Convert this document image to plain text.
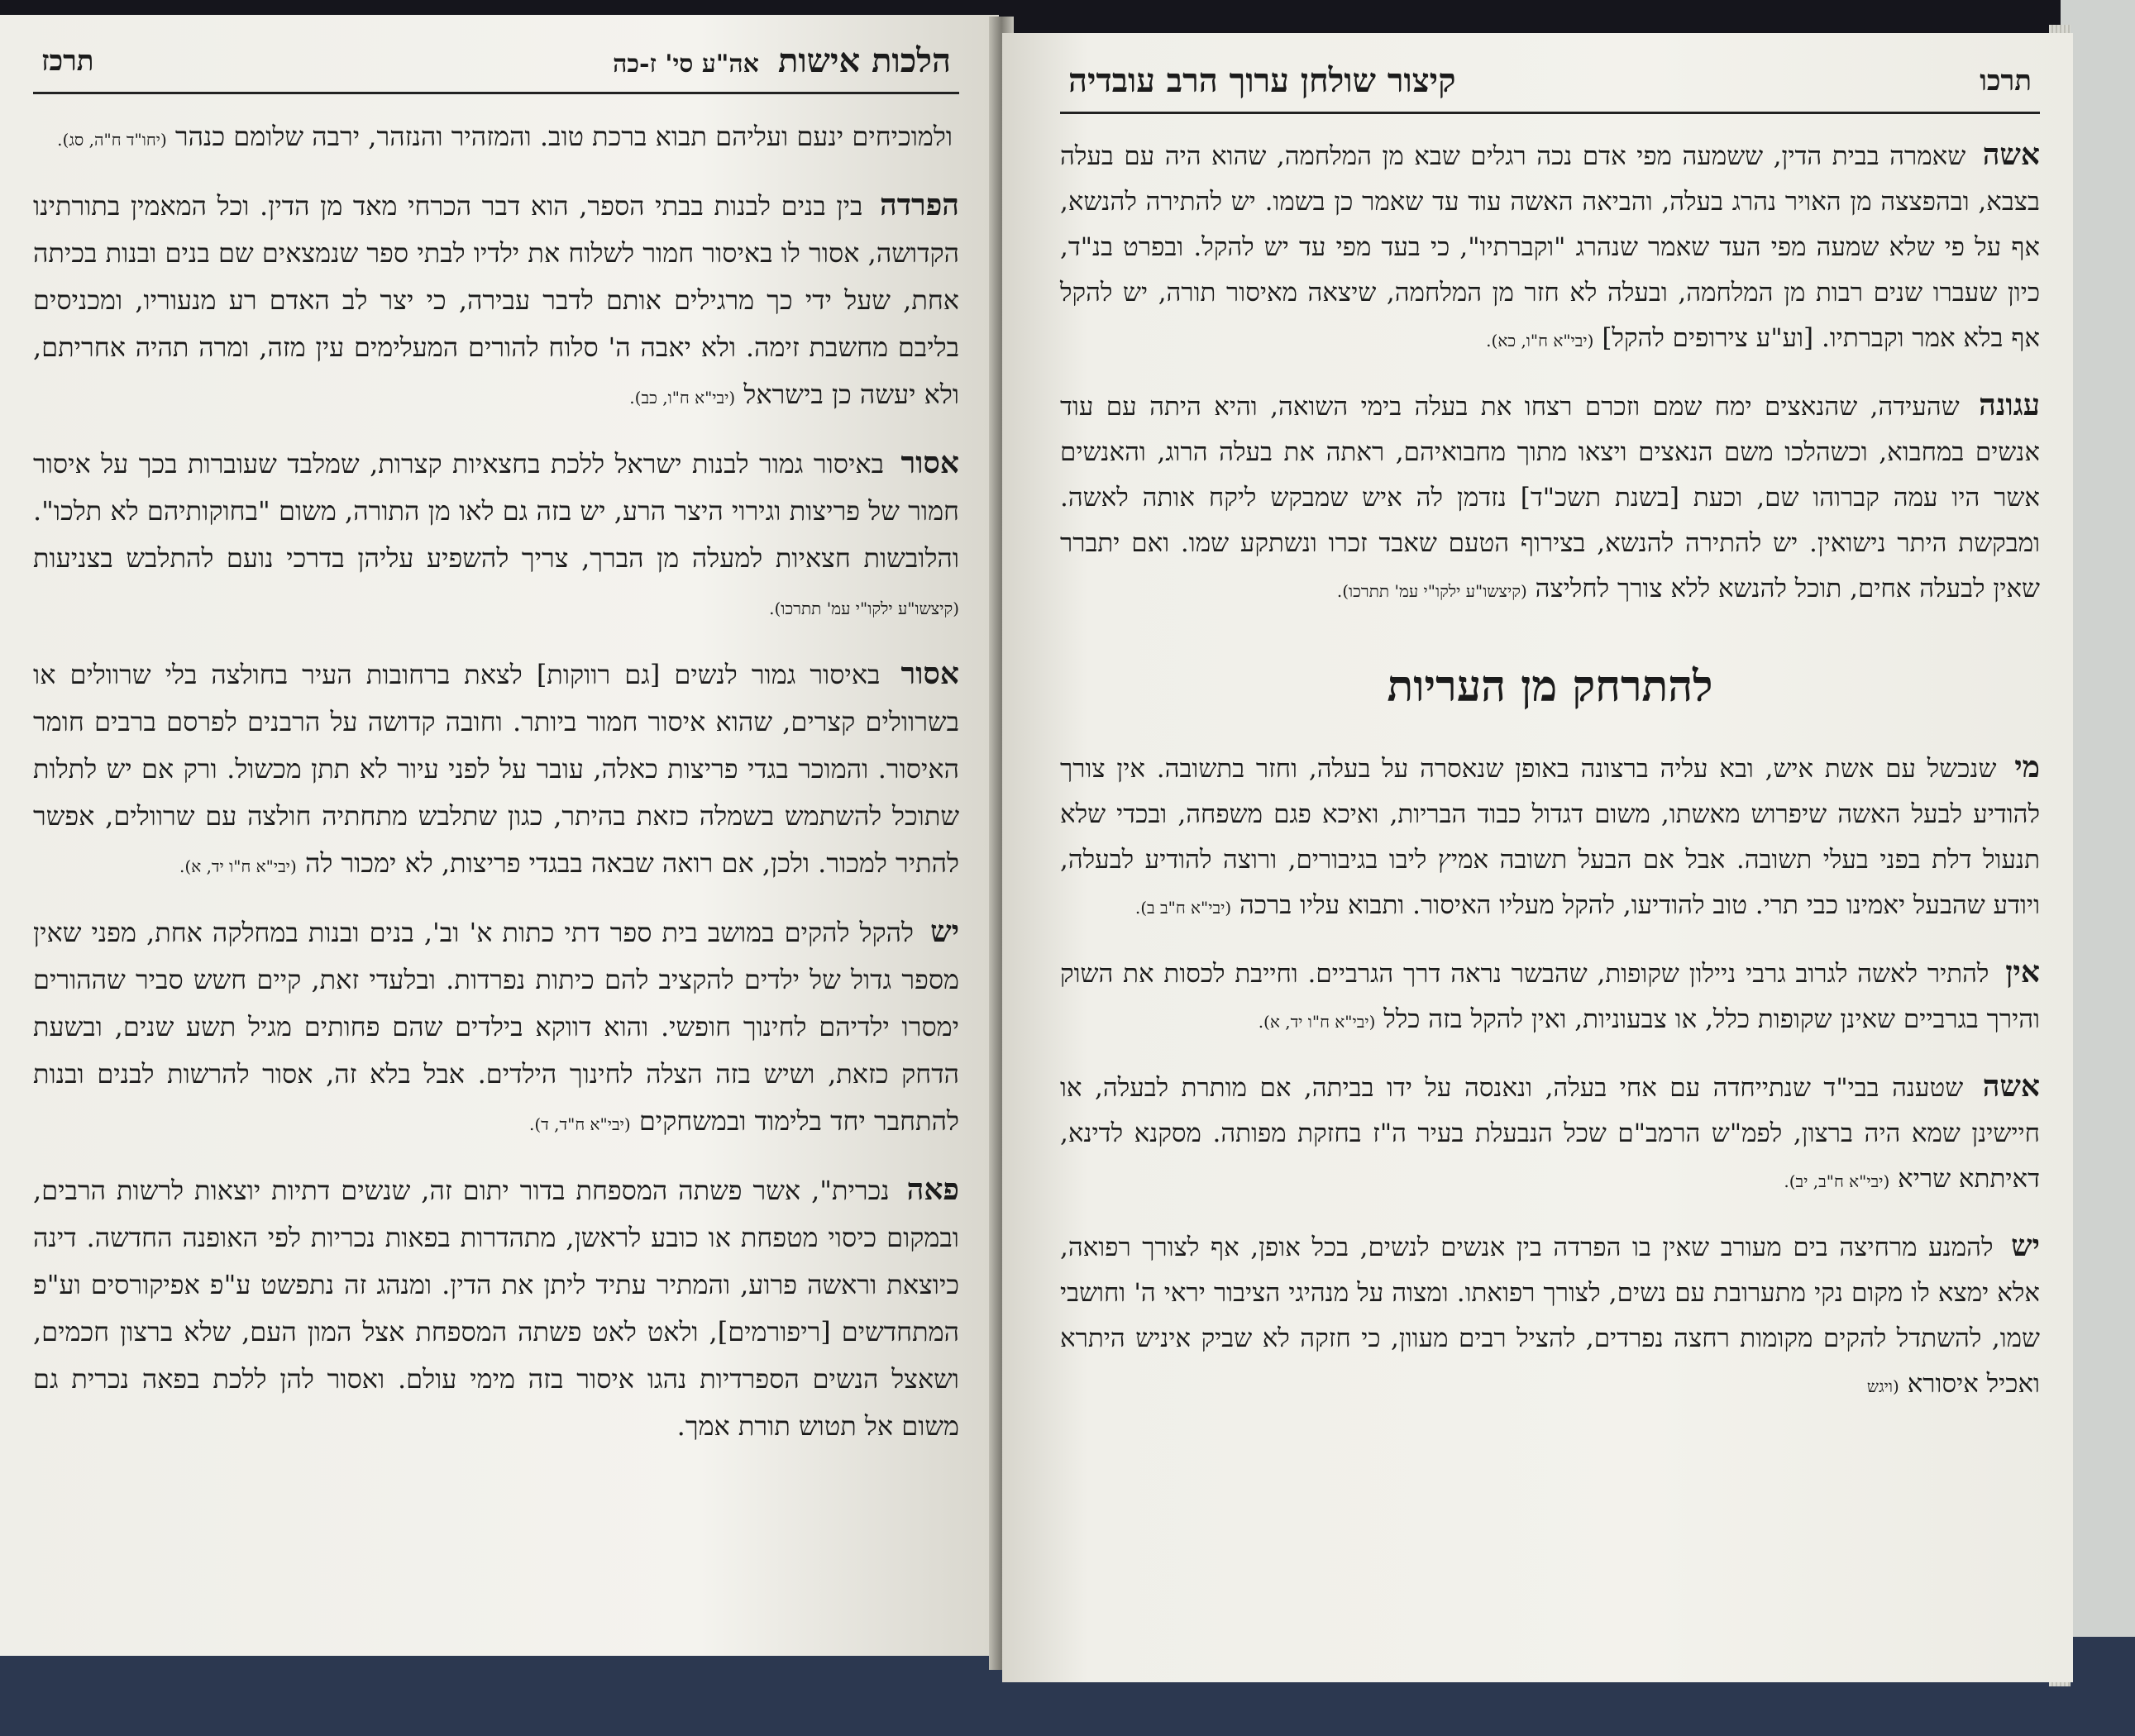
הלכות אישות אה"ע סי' ז-כה
תרכז

ולמוכיחים ינעם ועליהם תבוא ברכת טוב. והמזהיר והנזהר, ירבה שלומם כנהר (יחו"ד ח"ה, סג).

הפרדה בין בנים לבנות בבתי הספר, הוא דבר הכרחי מאד מן הדין. וכל המאמין בתורתינו הקדושה, אסור לו באיסור חמור לשלוח את ילדיו לבתי ספר שנמצאים שם בנים ובנות בכיתה אחת, שעל ידי כך מרגילים אותם לדבר עבירה, כי יצר לב האדם רע מנעוריו, ומכניסים בליבם מחשבת זימה. ולא יאבה ה' סלוח להורים המעלימים עין מזה, ומרה תהיה אחריתם, ולא יעשה כן בישראל (יבי"א ח"ו, כב).

אסור באיסור גמור לבנות ישראל ללכת בחצאיות קצרות, שמלבד שעוברות בכך על איסור חמור של פריצות וגירוי היצר הרע, יש בזה גם לאו מן התורה, משום "בחוקותיהם לא תלכו". והלובשות חצאיות למעלה מן הברך, צריך להשפיע עליהן בדרכי נועם להתלבש בצניעות (קיצשו"ע ילקו"י עמ' תתרכו).

אסור באיסור גמור לנשים [גם רווקות] לצאת ברחובות העיר בחולצה בלי שרוולים או בשרוולים קצרים, שהוא איסור חמור ביותר. וחובה קדושה על הרבנים לפרסם ברבים חומר האיסור. והמוכר בגדי פריצות כאלה, עובר על לפני עיור לא תתן מכשול. ורק אם יש לתלות שתוכל להשתמש בשמלה כזאת בהיתר, כגון שתלבש מתחתיה חולצה עם שרוולים, אפשר להתיר למכור. ולכן, אם רואה שבאה בבגדי פריצות, לא ימכור לה (יבי"א ח"ו יד, א).

יש להקל להקים במושב בית ספר דתי כתות א' וב', בנים ובנות במחלקה אחת, מפני שאין מספר גדול של ילדים להקציב להם כיתות נפרדות. ובלעדי זאת, קיים חשש סביר שההורים ימסרו ילדיהם לחינוך חופשי. והוא דווקא בילדים שהם פחותים מגיל תשע שנים, ובשעת הדחק כזאת, ושיש בזה הצלה לחינוך הילדים. אבל בלא זה, אסור להרשות לבנים ובנות להתחבר יחד בלימוד ובמשחקים (יבי"א ח"ד, ד).

פאה נכרית", אשר פשתה המספחת בדור יתום זה, שנשים דתיות יוצאות לרשות הרבים, ובמקום כיסוי מטפחת או כובע לראשן, מתהדרות בפאות נכריות לפי האופנה החדשה. דינה כיוצאת וראשה פרוע, והמתיר עתיד ליתן את הדין. ומנהג זה נתפשט ע"פ אפיקורסים וע"פ המתחדשים [ריפורמים], ולאט לאט פשתה המספחת אצל המון העם, שלא ברצון חכמים, ושאצל הנשים הספרדיות נהגו איסור בזה מימי עולם. ואסור להן ללכת בפאה נכרית גם משום אל תטוש תורת אמך.

תרכו
קיצור שולחן ערוך הרב עובדיה

אשה שאמרה בבית הדין, ששמעה מפי אדם נכה רגלים שבא מן המלחמה, שהוא היה עם בעלה בצבא, ובהפצצה מן האויר נהרג בעלה, והביאה האשה עוד עד שאמר כן בשמו. יש להתירה להנשא, אף על פי שלא שמעה מפי העד שאמר שנהרג "וקברתיו", כי בעד מפי עד יש להקל. ובפרט בנ"ד, כיון שעברו שנים רבות מן המלחמה, ובעלה לא חזר מן המלחמה, שיצאה מאיסור תורה, יש להקל אף בלא אמר וקברתיו. [וע"ע צירופים להקל] (יבי"א ח"ו, כא).

עגונה שהעידה, שהנאצים ימח שמם וזכרם רצחו את בעלה בימי השואה, והיא היתה עם עוד אנשים במחבוא, וכשהלכו משם הנאצים ויצאו מתוך מחבואיהם, ראתה את בעלה הרוג, והאנשים אשר היו עמה קברוהו שם, וכעת [בשנת תשכ"ד] נזדמן לה איש שמבקש ליקח אותה לאשה. ומבקשת היתר נישואין. יש להתירה להנשא, בצירוף הטעם שאבד זכרו ונשתקע שמו. ואם יתברר שאין לבעלה אחים, תוכל להנשא ללא צורך לחליצה (קיצשו"ע ילקו"י עמ' תתרכו).

להתרחק מן העריות

מי שנכשל עם אשת איש, ובא עליה ברצונה באופן שנאסרה על בעלה, וחזר בתשובה. אין צורך להודיע לבעל האשה שיפרוש מאשתו, משום דגדול כבוד הבריות, ואיכא פגם משפחה, ובכדי שלא תנעול דלת בפני בעלי תשובה. אבל אם הבעל תשובה אמיץ ליבו בגיבורים, ורוצה להודיע לבעלה, ויודע שהבעל יאמינו כבי תרי. טוב להודיעו, להקל מעליו האיסור. ותבוא עליו ברכה (יבי"א ח"ב ב).

אין להתיר לאשה לגרוב גרבי ניילון שקופות, שהבשר נראה דרך הגרביים. וחייבת לכסות את השוק והירך בגרביים שאינן שקופות כלל, או צבעוניות, ואין להקל בזה כלל (יבי"א ח"ו יד, א).

אשה שטענה בבי"ד שנתייחדה עם אחי בעלה, ונאנסה על ידו בביתה, אם מותרת לבעלה, או חיישינן שמא היה ברצון, לפמ"ש הרמב"ם שכל הנבעלת בעיר ה"ז בחזקת מפותה. מסקנא לדינא, דאיתתא שריא (יבי"א ח"ב, יב).

יש להמנע מרחיצה בים מעורב שאין בו הפרדה בין אנשים לנשים, בכל אופן, אף לצורך רפואה, אלא ימצא לו מקום נקי מתערובת עם נשים, לצורך רפואתו. ומצוה על מנהיגי הציבור יראי ה' וחושבי שמו, להשתדל להקים מקומות רחצה נפרדים, להציל רבים מעוון, כי חזקה לא שביק איניש היתרא ואכיל איסורא (ויגש
